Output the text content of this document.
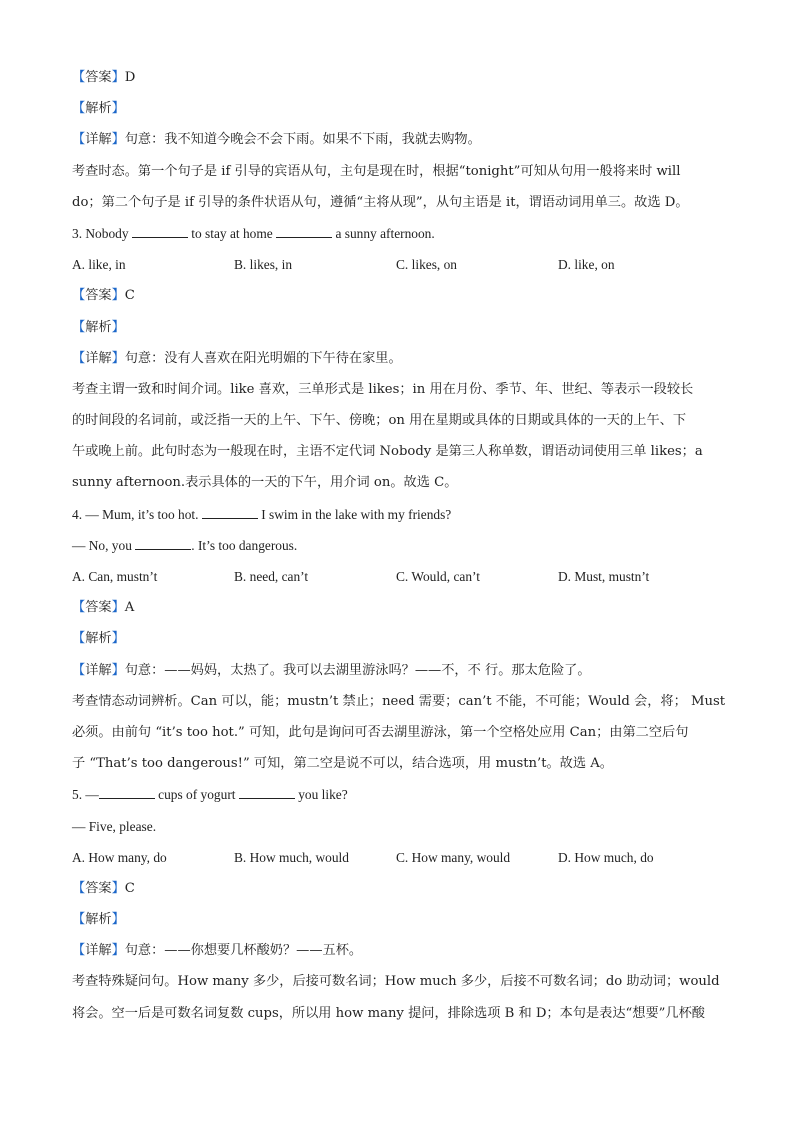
【答案】D
【解析】
【详解】句意：我不知道今晚会不会下雨。如果不下雨，我就去购物。
考查时态。第一个句子是 if 引导的宾语从句，主句是现在时，根据“tonight”可知从句用一般将来时 will
do；第二个句子是 if 引导的条件状语从句，遵循“主将从现”，从句主语是 it，谓语动词用单三。故选 D。
3. Nobody	to stay at home	a sunny afternoon.
A. like, in	B. likes, in	C. likes, on	D. like, on
【答案】C
【解析】
【详解】句意：没有人喜欢在阳光明媚的下午待在家里。
考查主谓一致和时间介词。like 喜欢，三单形式是 likes；in 用在月份、季节、年、世纪、等表示一段较长
的时间段的名词前，或泛指一天的上午、下午、傍晚；on 用在星期或具体的日期或具体的一天的上午、下
午或晚上前。此句时态为一般现在时，主语不定代词 Nobody 是第三人称单数，谓语动词使用三单 likes；a
sunny afternoon.表示具体的一天的下午，用介词 on。故选 C。
4. — Mum, it’s too hot.	I swim in the lake with my friends?
— No, you	. It’s too dangerous.
A. Can, mustn’t	B. need, can’t	C. Would, can’t	D. Must, mustn’t
【答案】A
【解析】
【详解】句意：——妈妈，太热了。我可以去湖里游泳吗？——不，不 行。那太危险了。
考查情态动词辨析。Can 可以，能；mustn’t 禁止；need 需要；can’t 不能，不可能；Would 会，将； Must
必须。由前句 “it’s too hot.” 可知，此句是询问可否去湖里游泳，第一个空格处应用 Can；由第二空后句
子 “That’s too dangerous!” 可知，第二空是说不可以，结合选项，用 mustn’t。故选 A。
5. —	cups of yogurt	you like?
— Five, please.
A. How many, do	B. How much, would	C. How many, would	D. How much, do
【答案】C
【解析】
【详解】句意：——你想要几杯酸奶？——五杯。
考查特殊疑问句。How many 多少，后接可数名词；How much 多少，后接不可数名词；do 助动词；would
将会。空一后是可数名词复数 cups，所以用 how many 提问，排除选项 B 和 D；本句是表达“想要”几杯酸
